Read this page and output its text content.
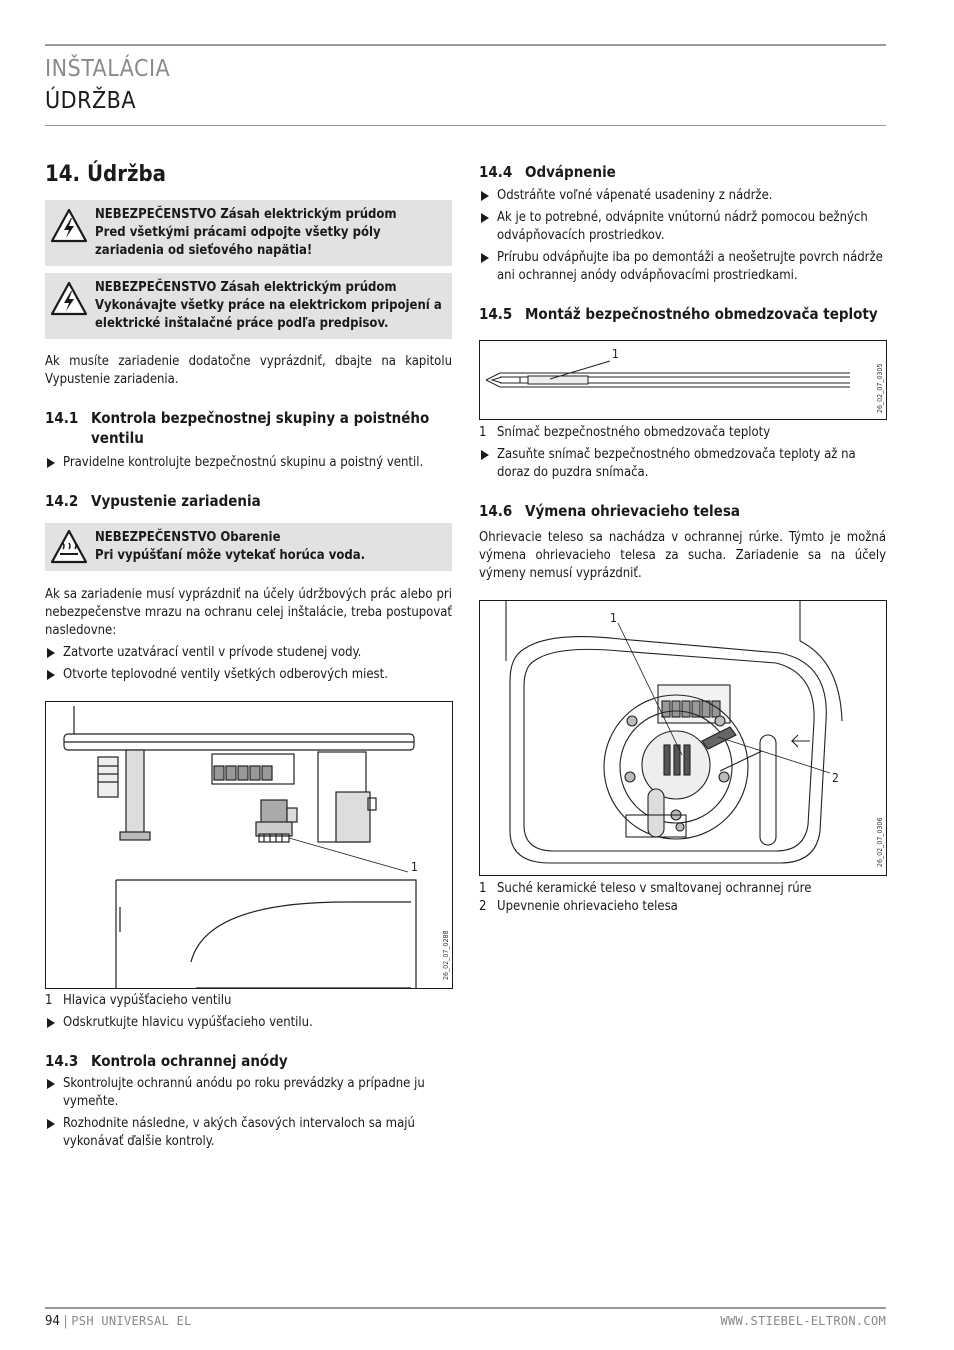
INŠTALÁCIA
ÚDRŽBA
14. Údržba
NEBEZPEČENSTVO Zásah elektrickým prúdom
Pred všetkými prácami odpojte všetky póly zariadenia od sieťového napätia!
NEBEZPEČENSTVO Zásah elektrickým prúdom
Vykonávajte všetky práce na elektrickom pripojení a elektrické inštalačné práce podľa predpisov.

Ak musíte zariadenie dodatočne vyprázdniť, dbajte na kapitolu Vypustenie zariadenia.

14.1 Kontrola bezpečnostnej skupiny a poistného ventilu
Pravidelne kontrolujte bezpečnostnú skupinu a poistný ventil.
14.2 Vypustenie zariadenia
NEBEZPEČENSTVO Obarenie
Pri vypúšťaní môže vytekať horúca voda.

Ak sa zariadenie musí vyprázdniť na účely údržbových prác alebo pri nebezpečenstve mrazu na ochranu celej inštalácie, treba postupovať nasledovne:

Zatvorte uzatvárací ventil v prívode studenej vody.
Otvorte teplovodné ventily všetkých odberových miest.
1
26_02_07_0288
1 Hlavica vypúšťacieho ventilu
Odskrutkujte hlavicu vypúšťacieho ventilu.
14.3 Kontrola ochrannej anódy
Skontrolujte ochrannú anódu po roku prevádzky a prípadne ju vymeňte.
Rozhodnite následne, v akých časových intervaloch sa majú vykonávať ďalšie kontroly.
14.4 Odvápnenie
Odstráňte voľné vápenaté usadeniny z nádrže.
Ak je to potrebné, odvápnite vnútornú nádrž pomocou bežných odvápňovacích prostriedkov.
Prírubu odvápňujte iba po demontáži a neošetrujte povrch nádrže ani ochrannej anódy odvápňovacími prostriedkami.
14.5 Montáž bezpečnostného obmedzovača teploty
1
26_02_07_0305
1 Snímač bezpečnostného obmedzovača teploty
Zasuňte snímač bezpečnostného obmedzovača teploty až na doraz do puzdra snímača.
14.6 Výmena ohrievacieho telesa

Ohrievacie teleso sa nachádza v ochrannej rúrke. Týmto je možná výmena ohrievacieho telesa za sucha. Zariadenie sa na účely výmeny nemusí vyprázdniť.

1
2
26_02_07_0306
1 Suché keramické teleso v smaltovanej ochrannej rúre
2 Upevnenie ohrievacieho telesa
94 | PSH UNIVERSAL EL	WWW.STIEBEL-ELTRON.COM
